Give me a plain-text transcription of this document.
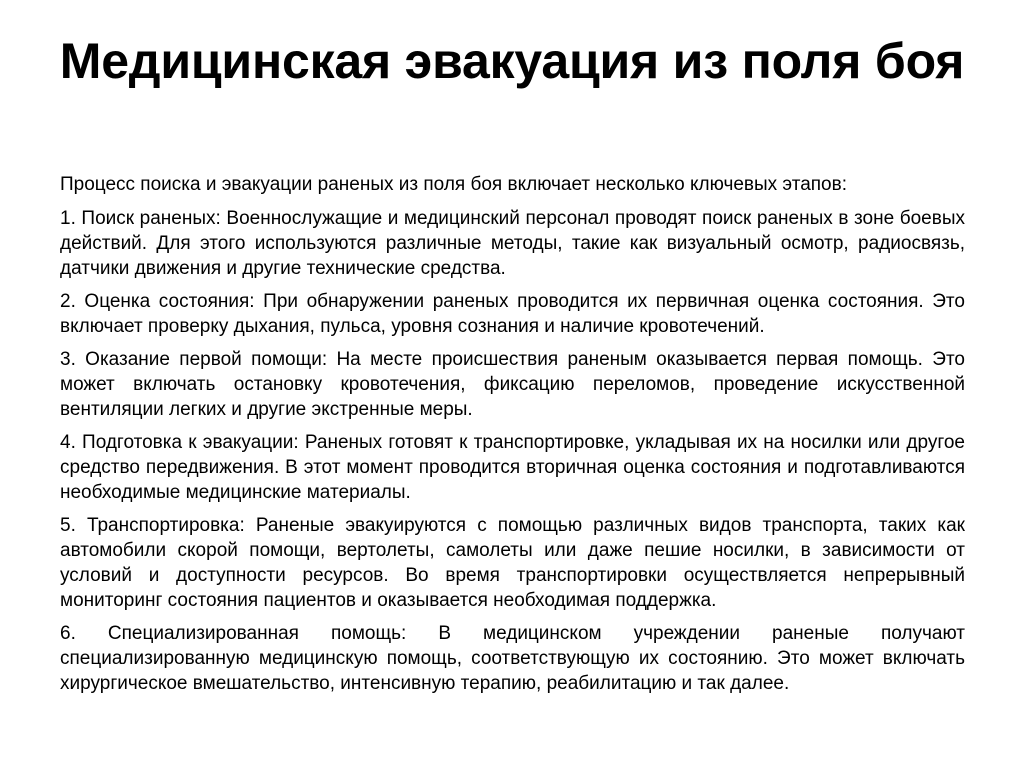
Медицинская эвакуация из поля боя

Процесс поиска и эвакуации раненых из поля боя включает несколько ключевых этапов:

1. Поиск раненых: Военнослужащие и медицинский персонал проводят поиск раненых в зоне боевых действий. Для этого используются различные методы, такие как визуальный осмотр, радиосвязь, датчики движения и другие технические средства.

2. Оценка состояния: При обнаружении раненых проводится их первичная оценка состояния. Это включает проверку дыхания, пульса, уровня сознания и наличие кровотечений.

3. Оказание первой помощи: На месте происшествия раненым оказывается первая помощь. Это может включать остановку кровотечения, фиксацию переломов, проведение искусственной вентиляции легких и другие экстренные меры.

4. Подготовка к эвакуации: Раненых готовят к транспортировке, укладывая их на носилки или другое средство передвижения. В этот момент проводится вторичная оценка состояния и подготавливаются необходимые медицинские материалы.

5. Транспортировка: Раненые эвакуируются с помощью различных видов транспорта, таких как автомобили скорой помощи, вертолеты, самолеты или даже пешие носилки, в зависимости от условий и доступности ресурсов. Во время транспортировки осуществляется непрерывный мониторинг состояния пациентов и оказывается необходимая поддержка.

6. Специализированная помощь: В медицинском учреждении раненые получают специализированную медицинскую помощь, соответствующую их состоянию. Это может включать хирургическое вмешательство, интенсивную терапию, реабилитацию и так далее.
